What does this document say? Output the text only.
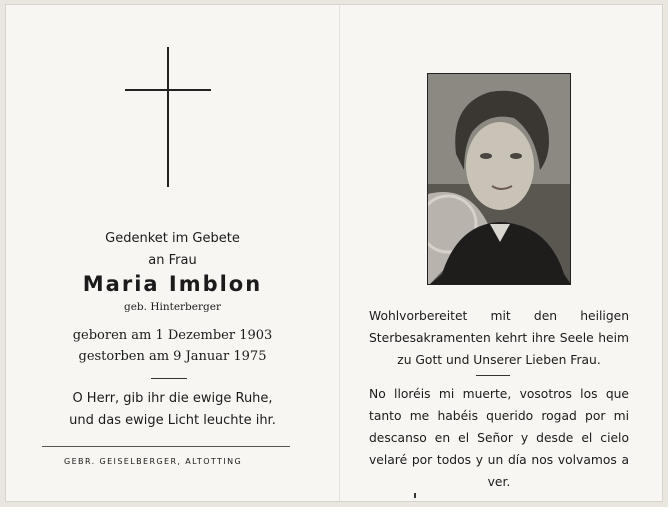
Gedenket im Gebete
an Frau
Maria Imblon
geb. Hinterberger
geboren am 1 Dezember 1903
gestorben am 9 Januar 1975
O Herr, gib ihr die ewige Ruhe,
und das ewige Licht leuchte ihr.
GEBR. GEISELBERGER, ALTOTTING
Wohlvorbereitet mit den heiligen Sterbesakramenten kehrt ihre Seele heim zu Gott und Unserer Lieben Frau.
No lloréis mi muerte, vosotros los que tanto me habéis querido rogad por mi descanso en el Señor y desde el cielo velaré por todos y un día nos volvamos a ver.
